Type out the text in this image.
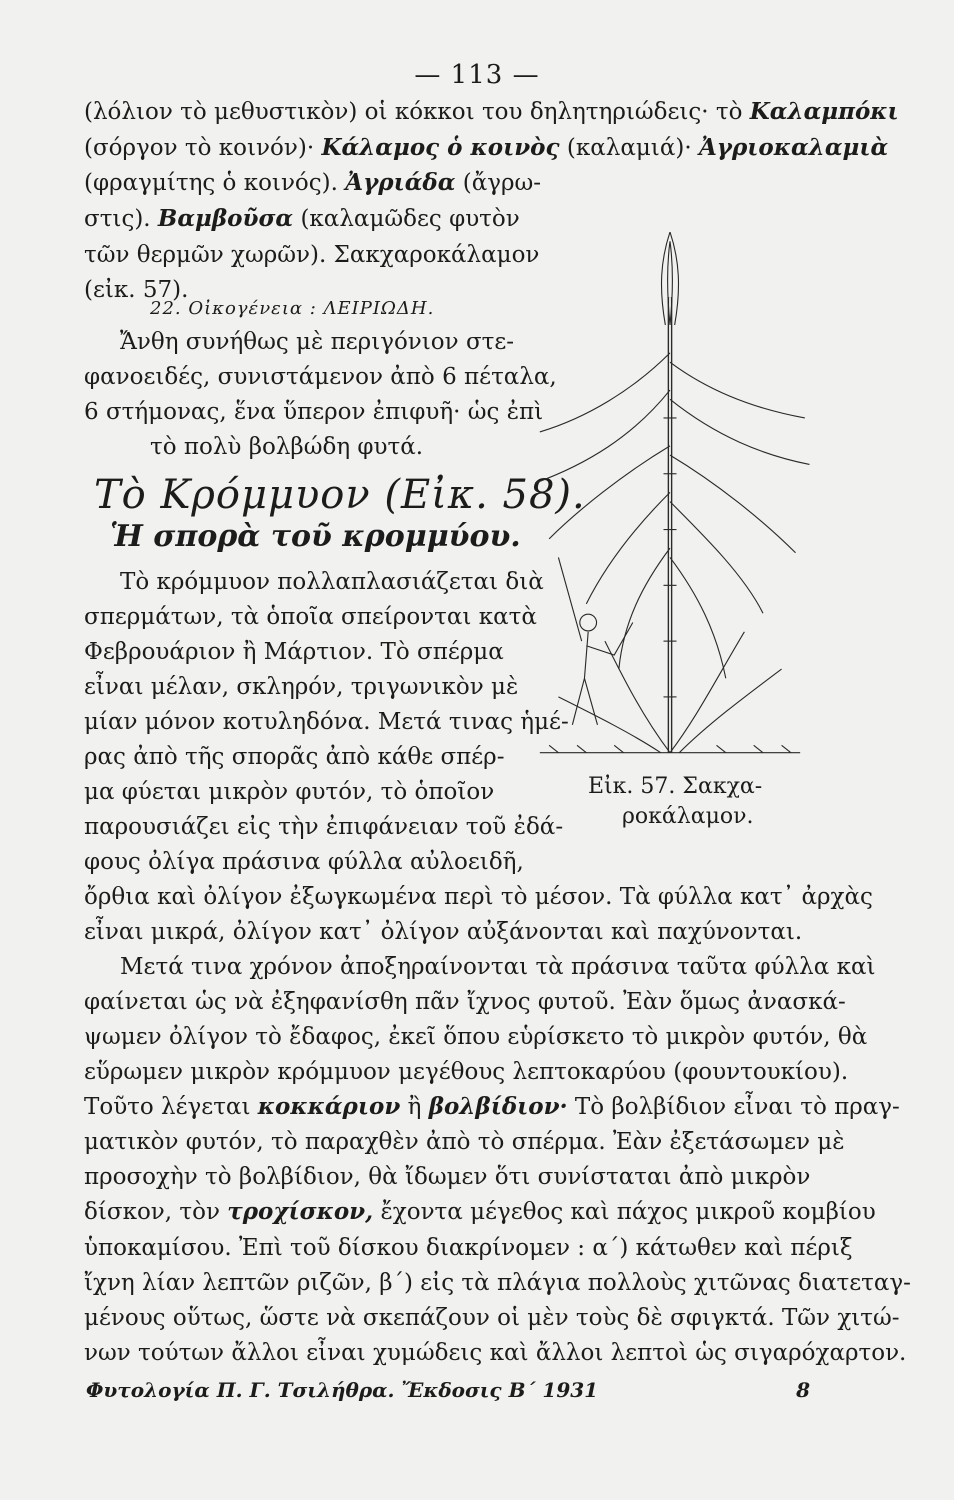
— 113 —
(λόλιον τὸ μεθυστικὸν) οἱ κόκκοι του δηλητηριώδεις· τὸ Καλαμπόκι
(σόργον τὸ κοινόν)· Κάλαμος ὁ κοινὸς (καλαμιά)· Ἀγριοκαλαμιὰ
(φραγμίτης ὁ κοινός). Ἀγριάδα (ἄγρω-
στις). Βαμβοῦσα (καλαμῶδες φυτὸν
τῶν θερμῶν χωρῶν). Σακχαροκάλαμον
(εἰκ. 57).
22. Οἰκογένεια : ΛΕΙΡΙΩΔΗ.
Ἄνθη συνήθως μὲ περιγόνιον στε-
φανοειδές, συνιστάμενον ἀπὸ 6 πέταλα,
6 στήμονας, ἕνα ὕπερον ἐπιφυῆ· ὡς ἐπὶ
τὸ πολὺ βολβώδη φυτά.
Τὸ Κρόμμυον (Εἰκ. 58).
Ἡ σπορὰ τοῦ κρομμύου.
Τὸ κρόμμυον πολλαπλασιάζεται διὰ
σπερμάτων, τὰ ὁποῖα σπείρονται κατὰ
Φεβρουάριον ἢ Μάρτιον. Τὸ σπέρμα
εἶναι μέλαν, σκληρόν, τριγωνικὸν μὲ
μίαν μόνον κοτυληδόνα. Μετά τινας ἡμέ-
ρας ἀπὸ τῆς σπορᾶς ἀπὸ κάθε σπέρ-
μα φύεται μικρὸν φυτόν, τὸ ὁποῖον
παρουσιάζει εἰς τὴν ἐπιφάνειαν τοῦ ἐδά-
φους ὀλίγα πράσινα φύλλα αὐλοειδῆ,
ὄρθια καὶ ὀλίγον ἐξωγκωμένα περὶ τὸ μέσον. Τὰ φύλλα κατ᾽ ἀρχὰς
εἶναι μικρά, ὀλίγον κατ᾽ ὀλίγον αὐξάνονται καὶ παχύνονται.
Μετά τινα χρόνον ἀποξηραίνονται τὰ πράσινα ταῦτα φύλλα καὶ
φαίνεται ὡς νὰ ἐξηφανίσθη πᾶν ἴχνος φυτοῦ. Ἐὰν ὅμως ἀνασκά-
ψωμεν ὀλίγον τὸ ἔδαφος, ἐκεῖ ὅπου εὑρίσκετο τὸ μικρὸν φυτόν, θὰ
εὕρωμεν μικρὸν κρόμμυον μεγέθους λεπτοκαρύου (φουντουκίου).
Τοῦτο λέγεται κοκκάριον ἢ βολβίδιον· Τὸ βολβίδιον εἶναι τὸ πραγ-
ματικὸν φυτόν, τὸ παραχθὲν ἀπὸ τὸ σπέρμα. Ἐὰν ἐξετάσωμεν μὲ
προσοχὴν τὸ βολβίδιον, θὰ ἴδωμεν ὅτι συνίσταται ἀπὸ μικρὸν
δίσκον, τὸν τροχίσκον, ἔχοντα μέγεθος καὶ πάχος μικροῦ κομβίου
ὑποκαμίσου. Ἐπὶ τοῦ δίσκου διακρίνομεν : α΄) κάτωθεν καὶ πέριξ
ἴχνη λίαν λεπτῶν ριζῶν, β΄) εἰς τὰ πλάγια πολλοὺς χιτῶνας διατεταγ-
μένους οὕτως, ὥστε νὰ σκεπάζουν οἱ μὲν τοὺς δὲ σφιγκτά. Τῶν χιτώ-
Εἰκ. 57. Σακχα-
ροκάλαμον.
Φυτολογία Π. Γ. Τσιλήθρα. Ἔκδοσις Β΄ 1931	8
νων τούτων ἄλλοι εἶναι χυμώδεις καὶ ἄλλοι λεπτοὶ ὡς σιγαρόχαρτον.
